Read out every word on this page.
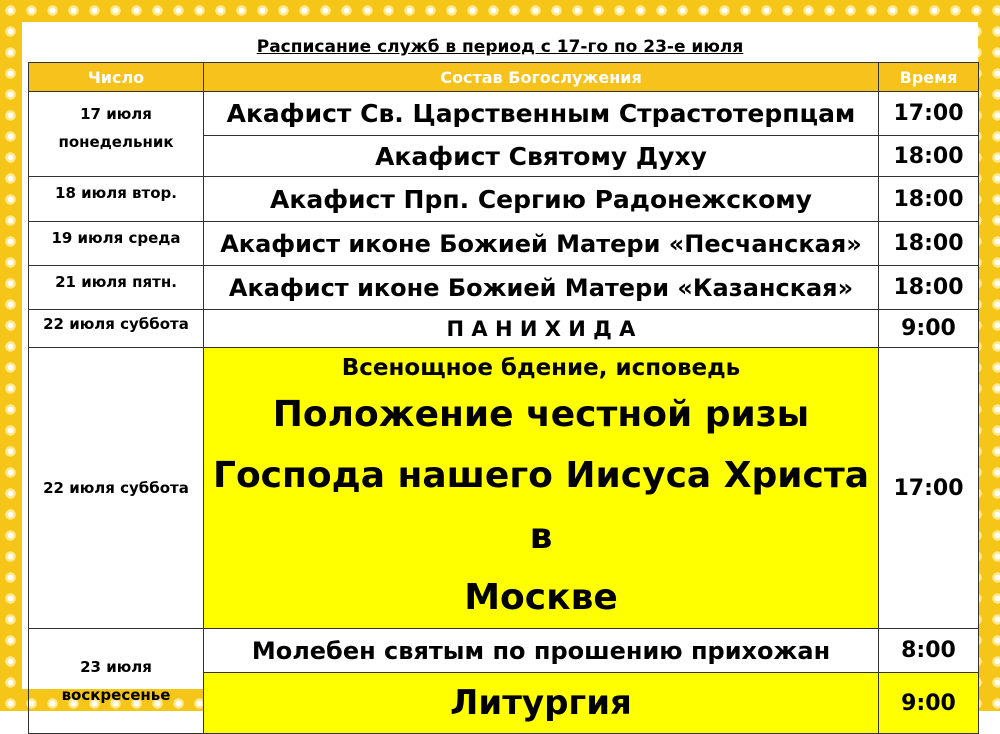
Расписание служб в период с 17-го по 23-е июля
Число	Состав Богослужения	Время

17 июля
понедельник	Акафист Св. Царственным Страстотерпцам	17:00
	Акафист Святому Духу	18:00
18 июля втор.	Акафист Прп. Сергию Радонежскому	18:00
19 июля среда	Акафист иконе Божией Матери «Песчанская»	18:00
21 июля пятн.	Акафист иконе Божией Матери «Казанская»	18:00
22 июля суббота	П А Н И Х И Д А	9:00
22 июля суббота	Всенощное бдение, исповедь
Положение честной ризы
Господа нашего Иисуса Христа в
Москве	17:00

23 июля
воскресенье	Молебен святым по прошению прихожан	8:00
	Литургия	9:00
